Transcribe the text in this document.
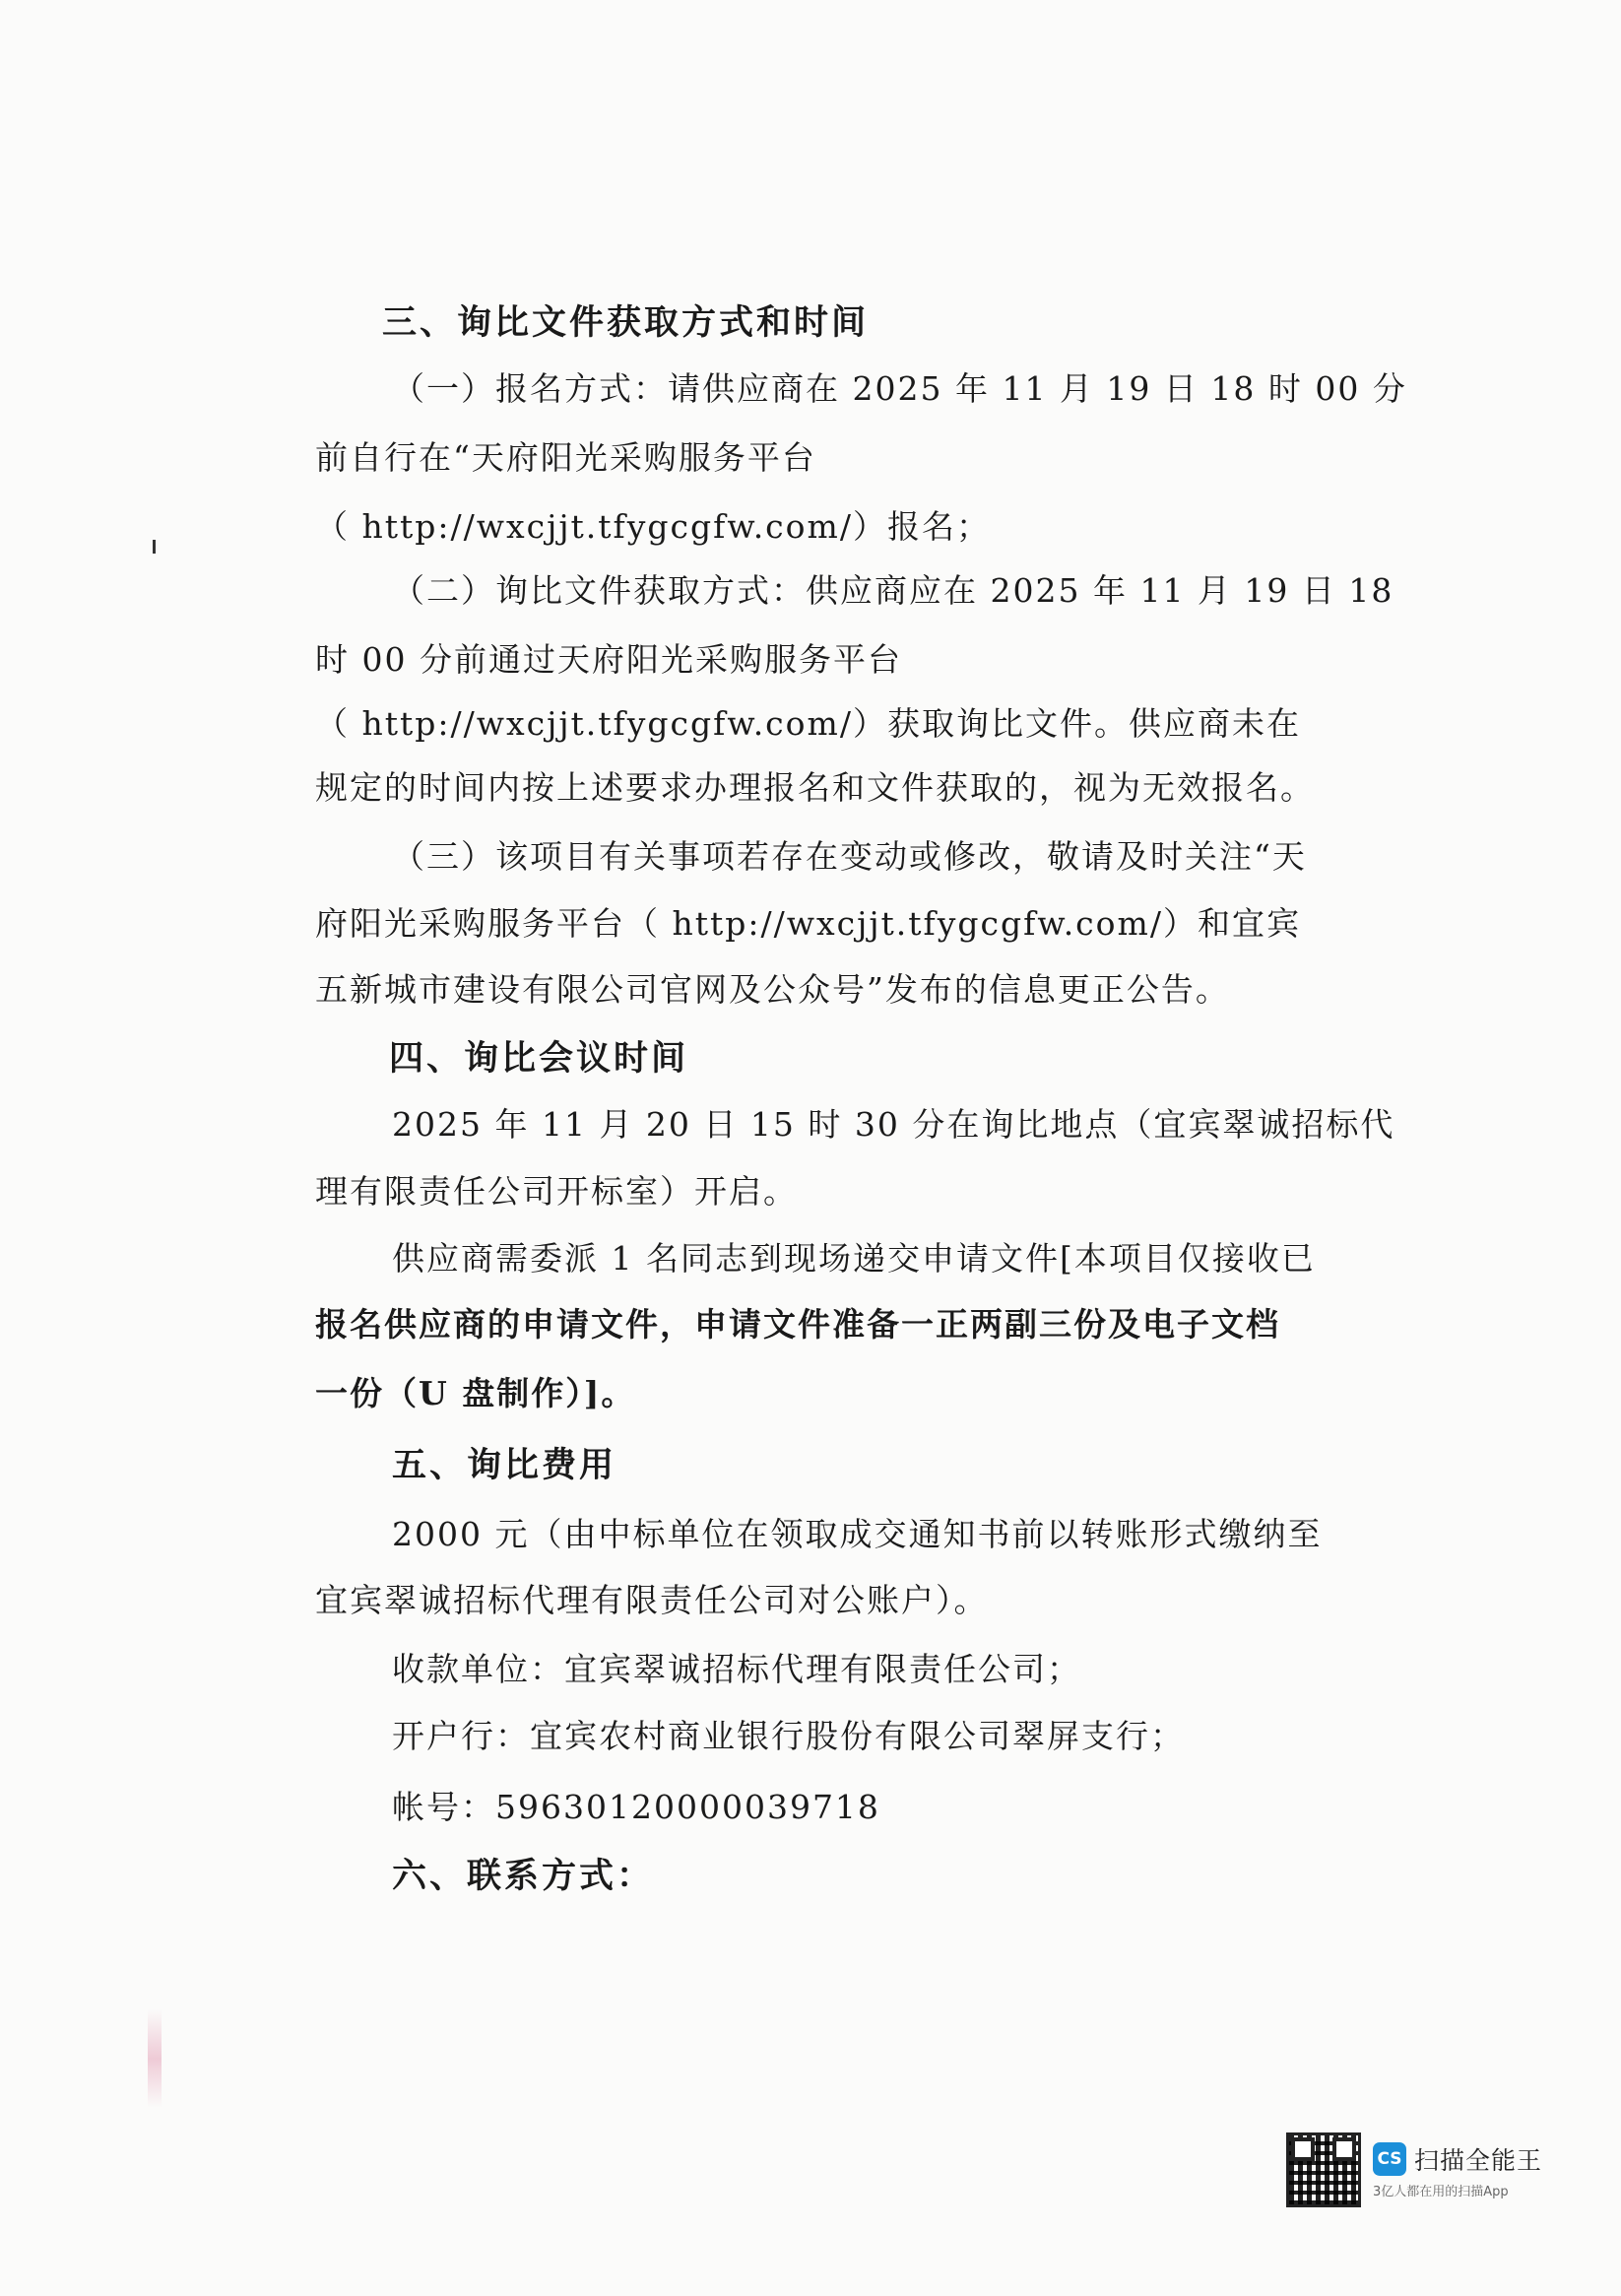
三、询比文件获取方式和时间
（一）报名方式：请供应商在 2025 年 11 月 19 日 18 时 00 分
前自行在“天府阳光采购服务平台
（ http://wxcjjt.tfygcgfw.com/）报名；
（二）询比文件获取方式：供应商应在 2025 年 11 月 19 日 18
时 00 分前通过天府阳光采购服务平台
（ http://wxcjjt.tfygcgfw.com/）获取询比文件。供应商未在
规定的时间内按上述要求办理报名和文件获取的，视为无效报名。
（三）该项目有关事项若存在变动或修改，敬请及时关注“天
府阳光采购服务平台（ http://wxcjjt.tfygcgfw.com/）和宜宾
五新城市建设有限公司官网及公众号”发布的信息更正公告。
四、询比会议时间
2025 年 11 月 20 日 15 时 30 分在询比地点（宜宾翠诚招标代
理有限责任公司开标室）开启。
供应商需委派 1 名同志到现场递交申请文件[本项目仅接收已
报名供应商的申请文件，申请文件准备一正两副三份及电子文档
一份（U 盘制作）]。
五、询比费用
2000 元（由中标单位在领取成交通知书前以转账形式缴纳至
宜宾翠诚招标代理有限责任公司对公账户）。
收款单位：宜宾翠诚招标代理有限责任公司；
开户行：宜宾农村商业银行股份有限公司翠屏支行；
帐号：59630120000039718
六、联系方式：
CS 扫描全能王
3亿人都在用的扫描App
